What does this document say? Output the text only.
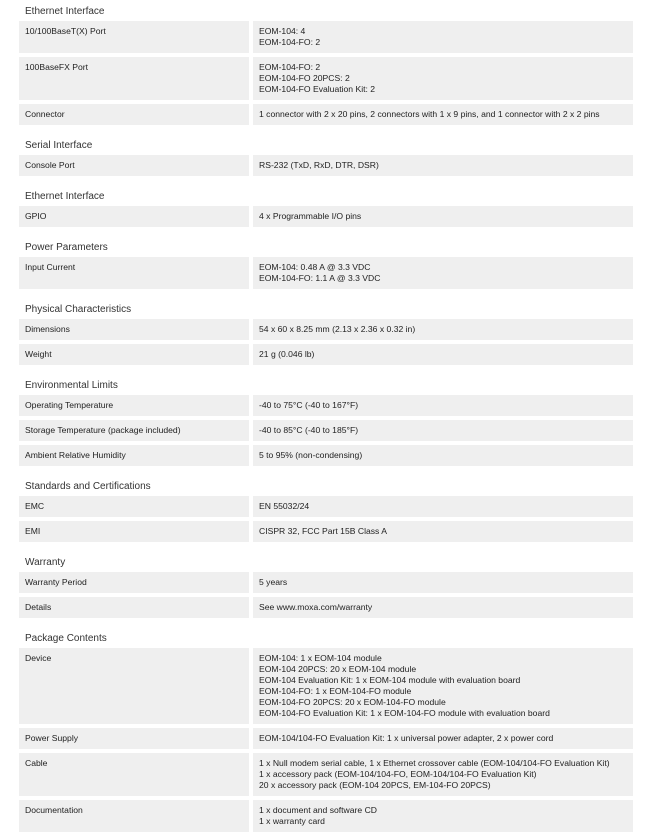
Ethernet Interface
10/100BaseT(X) Port	EOM-104: 4
EOM-104-FO: 2
100BaseFX Port	EOM-104-FO: 2
EOM-104-FO 20PCS: 2
EOM-104-FO Evaluation Kit: 2
Connector	1 connector with 2 x 20 pins, 2 connectors with 1 x 9 pins, and 1 connector with 2 x 2 pins
Serial Interface
Console Port	RS-232 (TxD, RxD, DTR, DSR)
Ethernet Interface
GPIO	4 x Programmable I/O pins
Power Parameters
Input Current	EOM-104: 0.48 A @ 3.3 VDC
EOM-104-FO: 1.1 A @ 3.3 VDC
Physical Characteristics
Dimensions	54 x 60 x 8.25 mm (2.13 x 2.36 x 0.32 in)
Weight	21 g (0.046 lb)
Environmental Limits
Operating Temperature	-40 to 75°C (-40 to 167°F)
Storage Temperature (package included)	-40 to 85°C (-40 to 185°F)
Ambient Relative Humidity	5 to 95% (non-condensing)
Standards and Certifications
EMC	EN 55032/24
EMI	CISPR 32, FCC Part 15B Class A
Warranty
Warranty Period	5 years
Details	See www.moxa.com/warranty
Package Contents
Device	EOM-104: 1 x EOM-104 module
EOM-104 20PCS: 20 x EOM-104 module
EOM-104 Evaluation Kit: 1 x EOM-104 module with evaluation board
EOM-104-FO: 1 x EOM-104-FO module
EOM-104-FO 20PCS: 20 x EOM-104-FO module
EOM-104-FO Evaluation Kit: 1 x EOM-104-FO module with evaluation board
Power Supply	EOM-104/104-FO Evaluation Kit: 1 x universal power adapter, 2 x power cord
Cable	1 x Null modem serial cable, 1 x Ethernet crossover cable (EOM-104/104-FO Evaluation Kit)
1 x accessory pack (EOM-104/104-FO, EOM-104/104-FO Evaluation Kit)
20 x accessory pack (EOM-104 20PCS, EM-104-FO 20PCS)
Documentation	1 x document and software CD
1 x warranty card
